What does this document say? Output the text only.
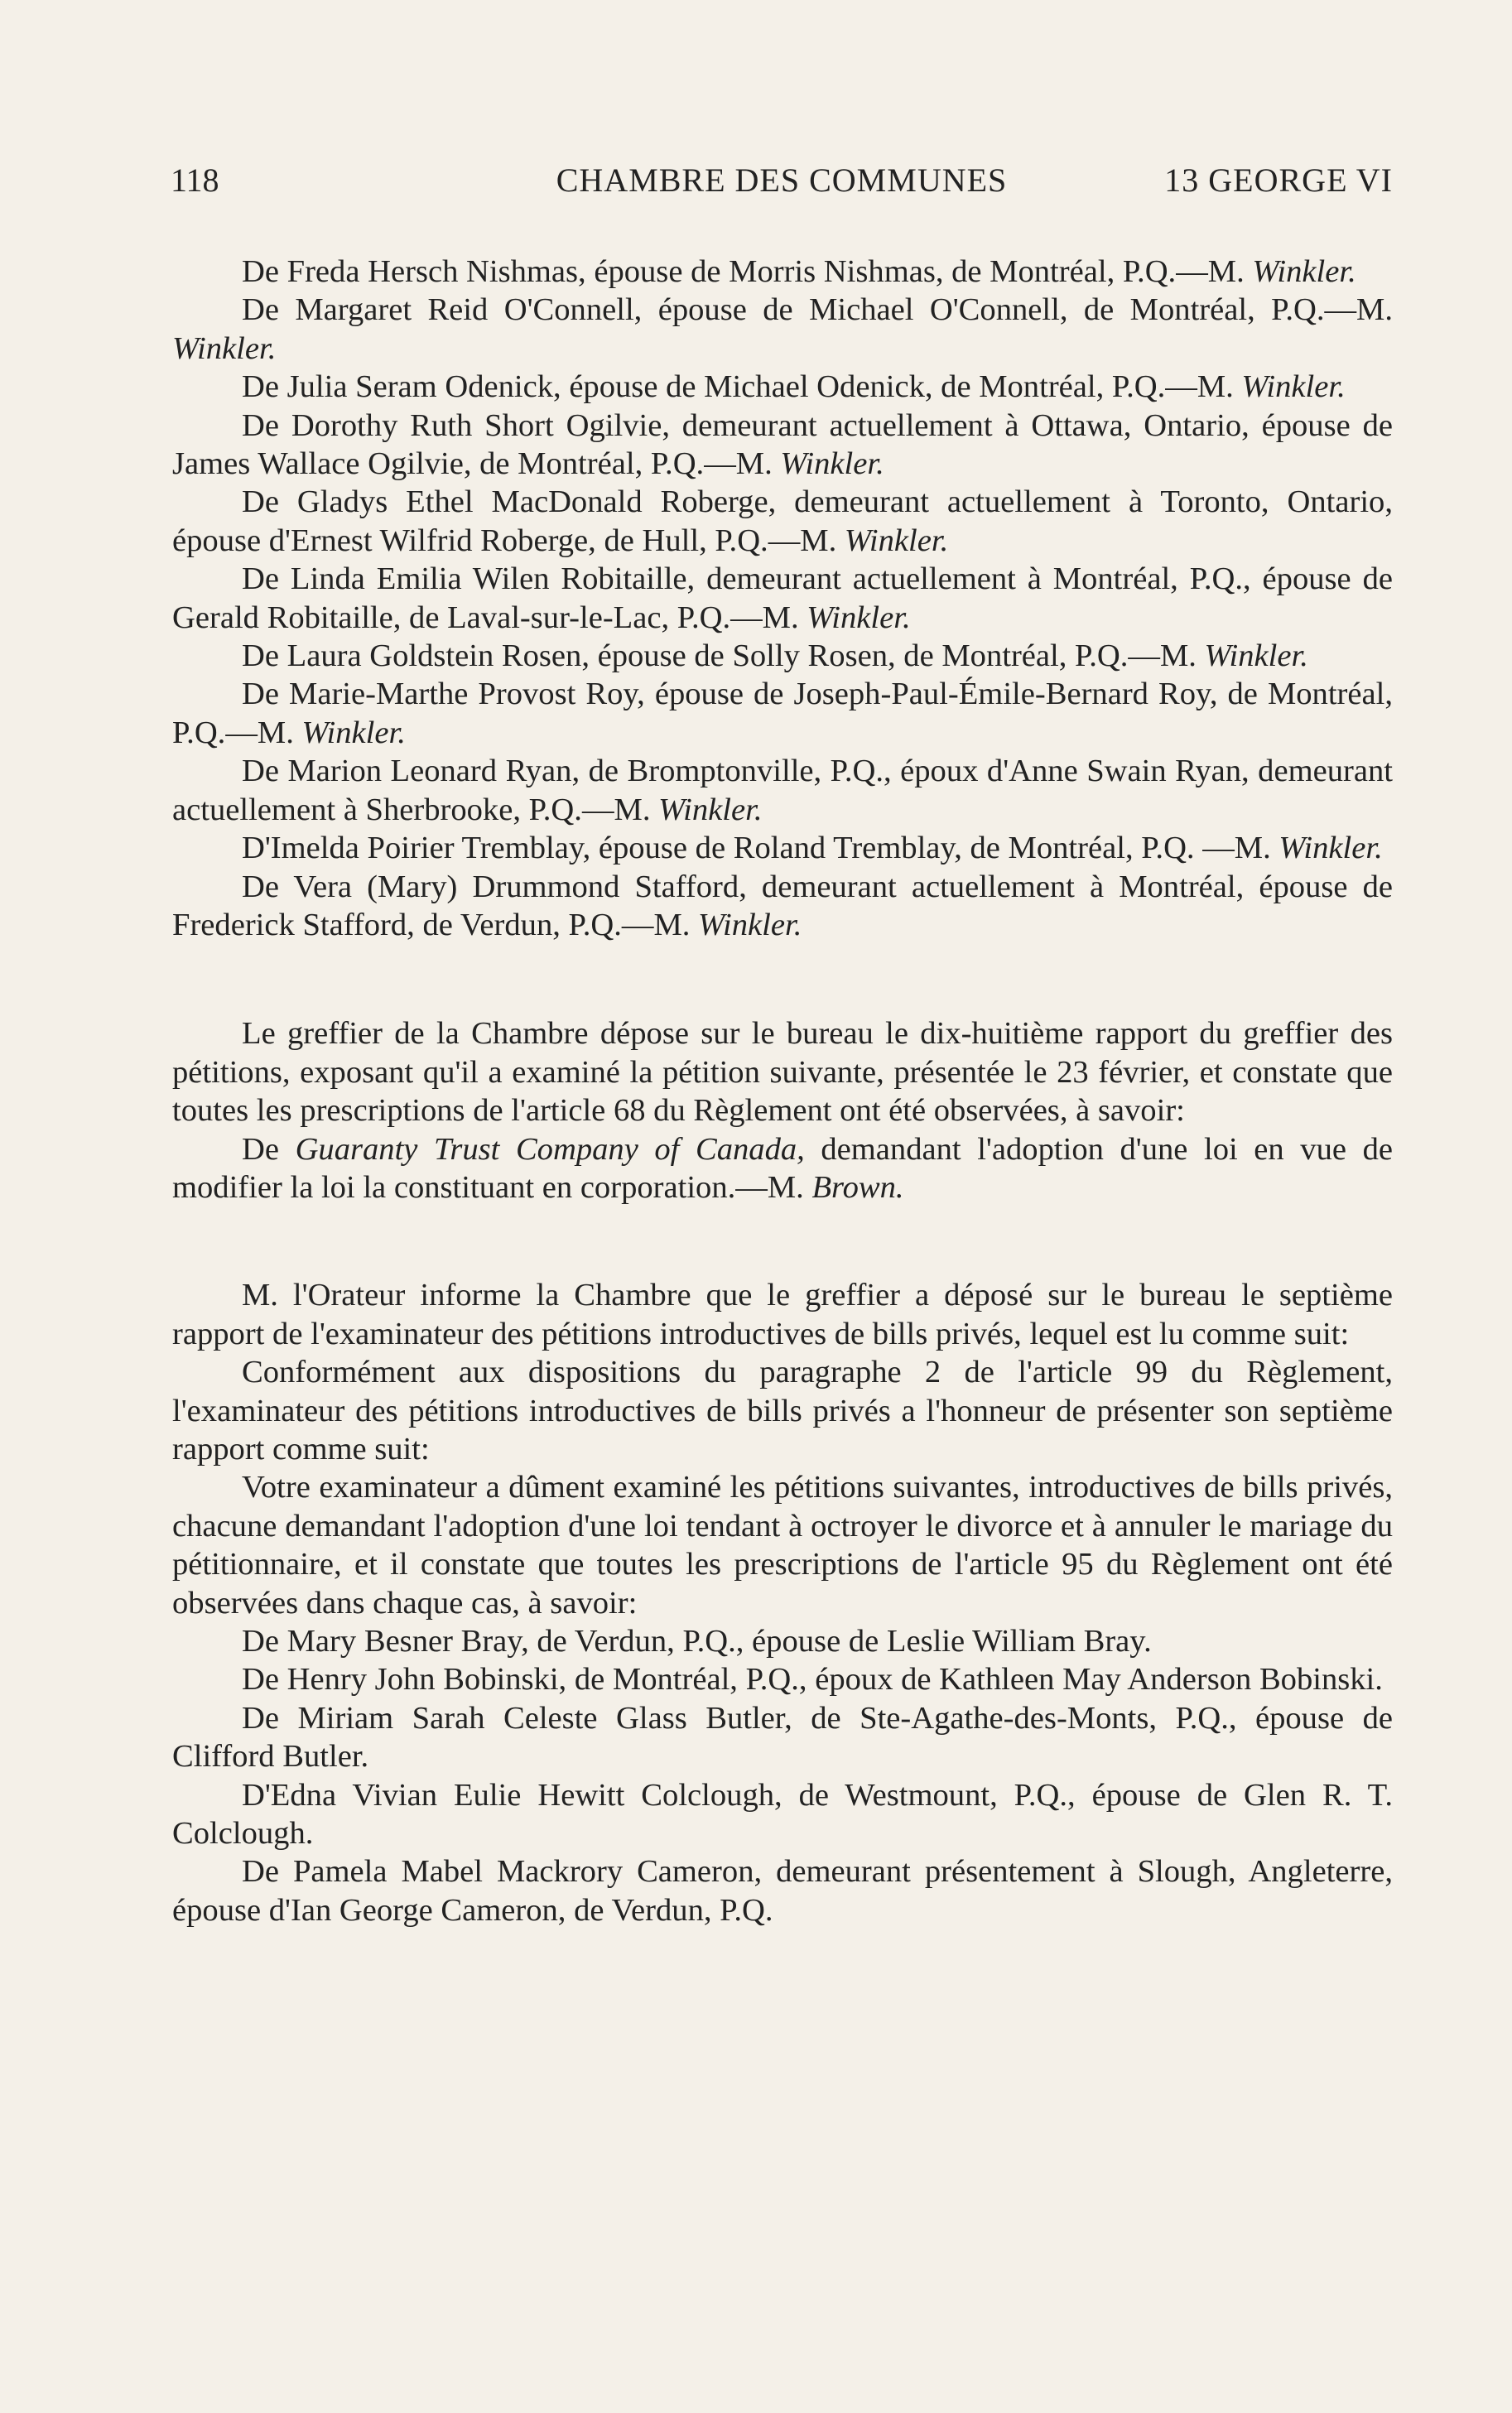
118	CHAMBRE DES COMMUNES	13 GEORGE VI

De Freda Hersch Nishmas, épouse de Morris Nishmas, de Montréal, P.Q.—M. Winkler.

De Margaret Reid O'Connell, épouse de Michael O'Connell, de Montréal, P.Q.—M. Winkler.

De Julia Seram Odenick, épouse de Michael Odenick, de Montréal, P.Q.—M. Winkler.

De Dorothy Ruth Short Ogilvie, demeurant actuellement à Ottawa, Ontario, épouse de James Wallace Ogilvie, de Montréal, P.Q.—M. Winkler.

De Gladys Ethel MacDonald Roberge, demeurant actuellement à Toronto, Ontario, épouse d'Ernest Wilfrid Roberge, de Hull, P.Q.—M. Winkler.

De Linda Emilia Wilen Robitaille, demeurant actuellement à Montréal, P.Q., épouse de Gerald Robitaille, de Laval-sur-le-Lac, P.Q.—M. Winkler.

De Laura Goldstein Rosen, épouse de Solly Rosen, de Montréal, P.Q.—M. Winkler.

De Marie-Marthe Provost Roy, épouse de Joseph-Paul-Émile-Bernard Roy, de Montréal, P.Q.—M. Winkler.

De Marion Leonard Ryan, de Bromptonville, P.Q., époux d'Anne Swain Ryan, demeurant actuellement à Sherbrooke, P.Q.—M. Winkler.

D'Imelda Poirier Tremblay, épouse de Roland Tremblay, de Montréal, P.Q. —M. Winkler.

De Vera (Mary) Drummond Stafford, demeurant actuellement à Montréal, épouse de Frederick Stafford, de Verdun, P.Q.—M. Winkler.

Le greffier de la Chambre dépose sur le bureau le dix-huitième rapport du greffier des pétitions, exposant qu'il a examiné la pétition suivante, présentée le 23 février, et constate que toutes les prescriptions de l'article 68 du Règlement ont été observées, à savoir:

De Guaranty Trust Company of Canada, demandant l'adoption d'une loi en vue de modifier la loi la constituant en corporation.—M. Brown.

M. l'Orateur informe la Chambre que le greffier a déposé sur le bureau le septième rapport de l'examinateur des pétitions introductives de bills privés, lequel est lu comme suit:

Conformément aux dispositions du paragraphe 2 de l'article 99 du Règlement, l'examinateur des pétitions introductives de bills privés a l'honneur de présenter son septième rapport comme suit:

Votre examinateur a dûment examiné les pétitions suivantes, introductives de bills privés, chacune demandant l'adoption d'une loi tendant à octroyer le divorce et à annuler le mariage du pétitionnaire, et il constate que toutes les prescriptions de l'article 95 du Règlement ont été observées dans chaque cas, à savoir:

De Mary Besner Bray, de Verdun, P.Q., épouse de Leslie William Bray.

De Henry John Bobinski, de Montréal, P.Q., époux de Kathleen May Anderson Bobinski.

De Miriam Sarah Celeste Glass Butler, de Ste-Agathe-des-Monts, P.Q., épouse de Clifford Butler.

D'Edna Vivian Eulie Hewitt Colclough, de Westmount, P.Q., épouse de Glen R. T. Colclough.

De Pamela Mabel Mackrory Cameron, demeurant présentement à Slough, Angleterre, épouse d'Ian George Cameron, de Verdun, P.Q.
